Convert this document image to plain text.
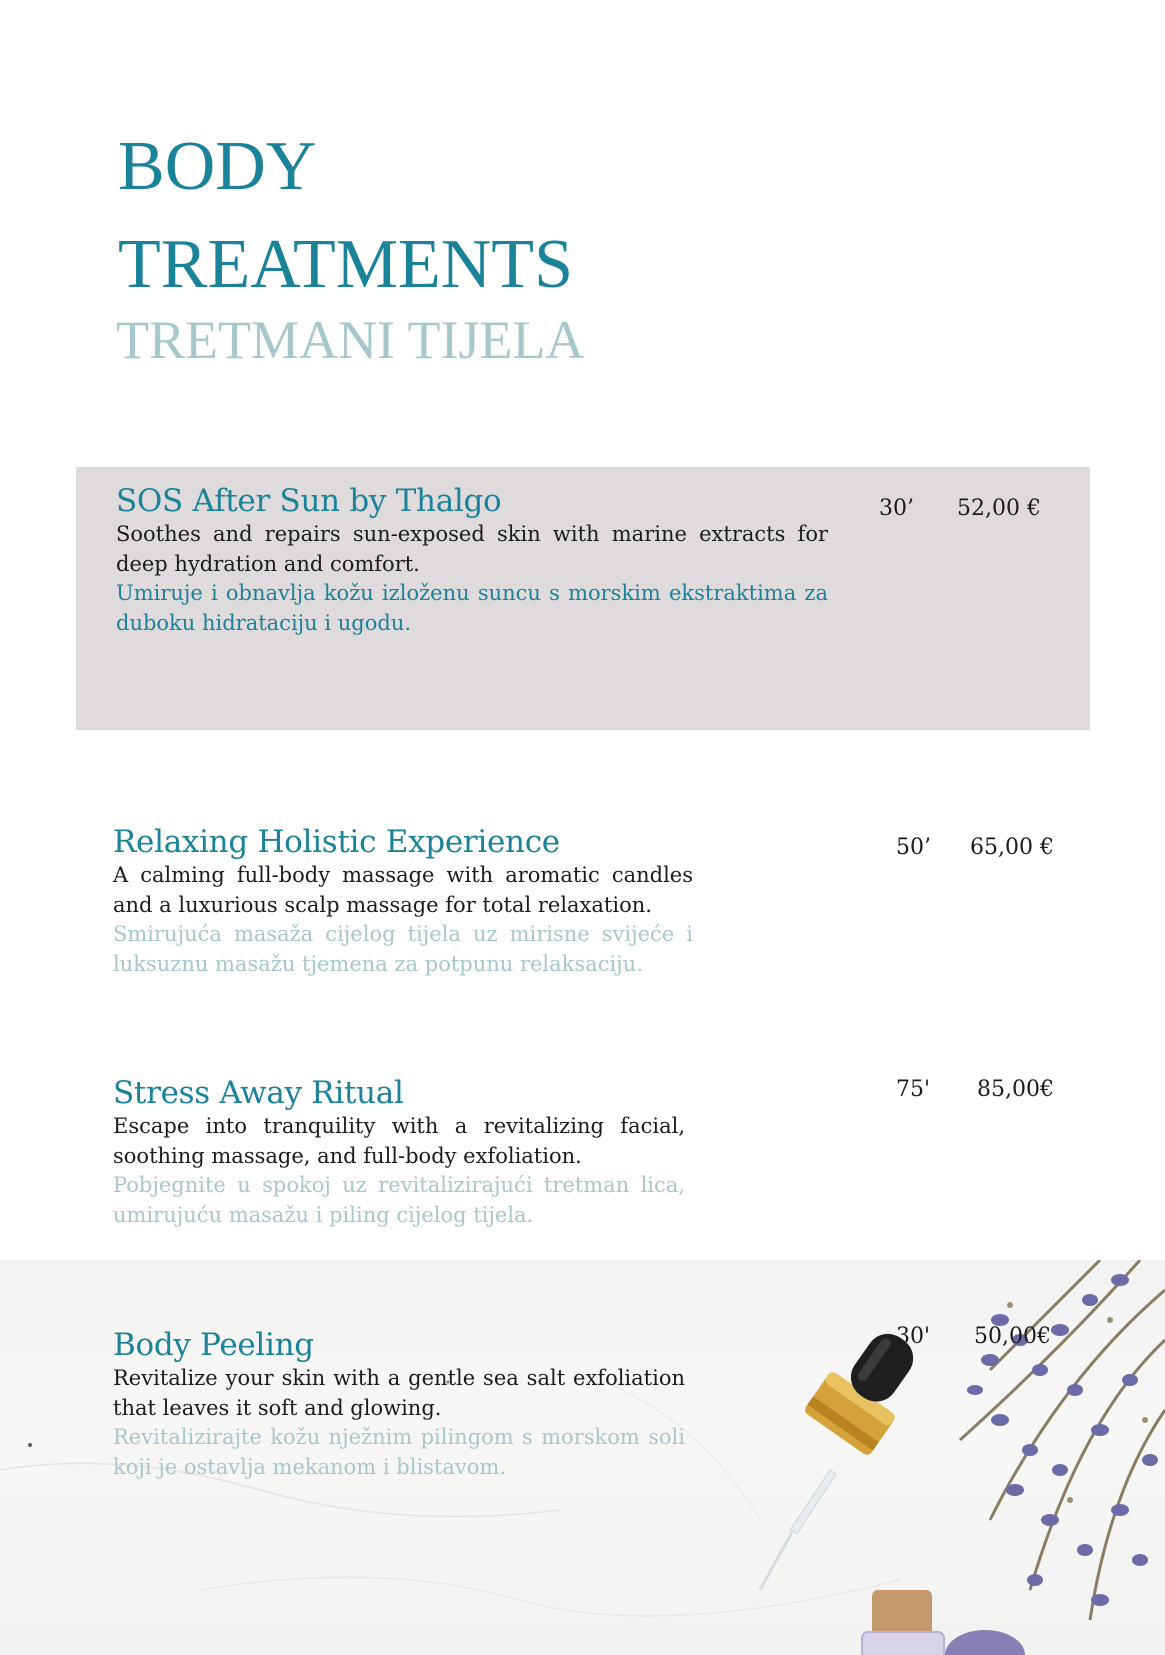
BODY
TREATMENTS
TRETMANI TIJELA
SOS After Sun by Thalgo

Soothes and repairs sun-exposed skin with marine extracts for deep hydration and comfort.

Umiruje i obnavlja kožu izloženu suncu s morskim ekstraktima za duboku hidrataciju i ugodu.

30’ 52,00 €
Relaxing Holistic Experience

A calming full-body massage with aromatic candles and a luxurious scalp massage for total relaxation.

Smirujuća masaža cijelog tijela uz mirisne svijeće i luksuznu masažu tjemena za potpunu relaksaciju.

50’ 65,00 €
Stress Away Ritual

Escape into tranquility with a revitalizing facial, soothing massage, and full-body exfoliation.

Pobjegnite u spokoj uz revitalizirajući tretman lica, umirujuću masažu i piling cijelog tijela.

75' 85,00€
Body Peeling

Revitalize your skin with a gentle sea salt exfoliation that leaves it soft and glowing.

Revitalizirajte kožu nježnim pilingom s morskom soli koji je ostavlja mekanom i blistavom.

30' 50,00€
